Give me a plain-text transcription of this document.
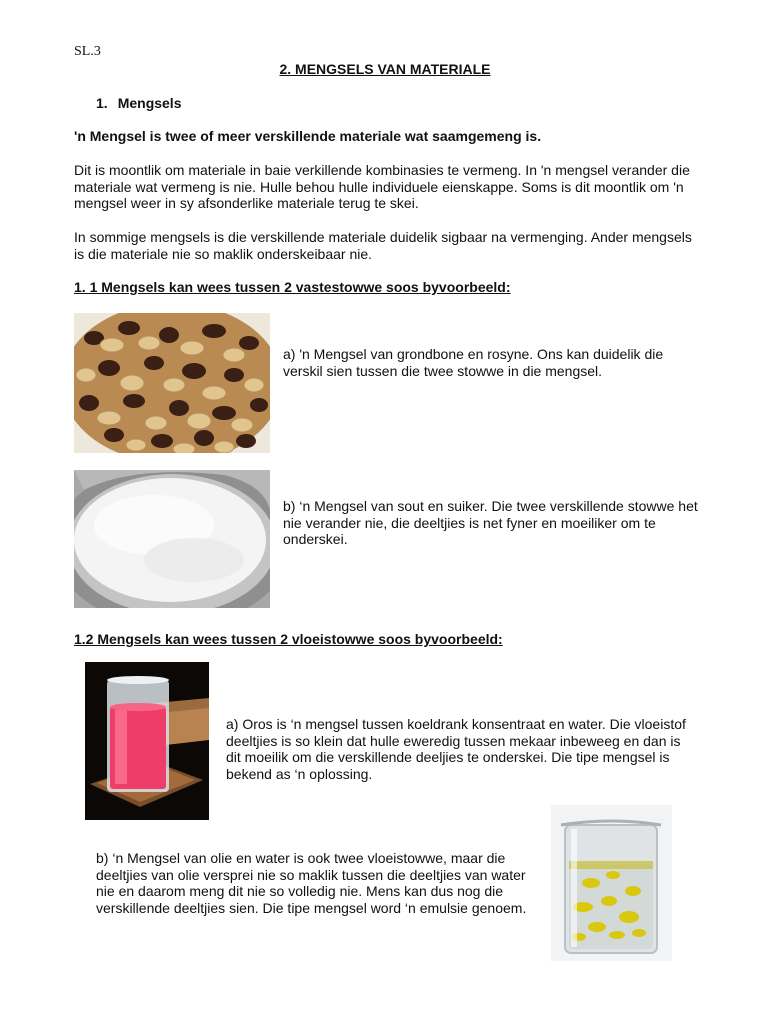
SL.3
2. MENGSELS VAN MATERIALE
1. Mengsels
'n Mengsel is twee of meer verskillende materiale wat saamgemeng is.
Dit is moontlik om materiale in baie verkillende kombinasies te vermeng. In 'n mengsel verander die materiale wat vermeng is nie. Hulle behou hulle individuele eienskappe. Soms is dit moontlik om 'n mengsel weer in sy afsonderlike materiale terug te skei.
In sommige mengsels is die verskillende materiale duidelik sigbaar na vermenging. Ander mengsels is die materiale nie so maklik onderskeibaar nie.
1. 1 Mengsels kan wees tussen 2 vastestowwe soos byvoorbeeld:
a) 'n Mengsel van grondbone en rosyne. Ons kan duidelik die verskil sien tussen die twee stowwe in die mengsel.
b) ‘n Mengsel van sout en suiker. Die twee verskillende stowwe het nie verander nie, die deeltjies is net fyner en moeiliker om te onderskei.
1.2 Mengsels kan wees tussen 2 vloeistowwe soos byvoorbeeld:
a) Oros is ‘n mengsel tussen koeldrank konsentraat en water. Die vloeistof deeltjies is so klein dat hulle eweredig tussen mekaar inbeweeg en dan is dit moeilik om die verskillende deeljies te onderskei. Die tipe mengsel is bekend as ‘n oplossing.
b) ‘n Mengsel van olie en water is ook twee vloeistowwe, maar die deeltjies van olie versprei nie so maklik tussen die deeltjies van water nie en daarom meng dit nie so volledig nie. Mens kan dus nog die verskillende deeltjies sien. Die tipe mengsel word ‘n emulsie genoem.
